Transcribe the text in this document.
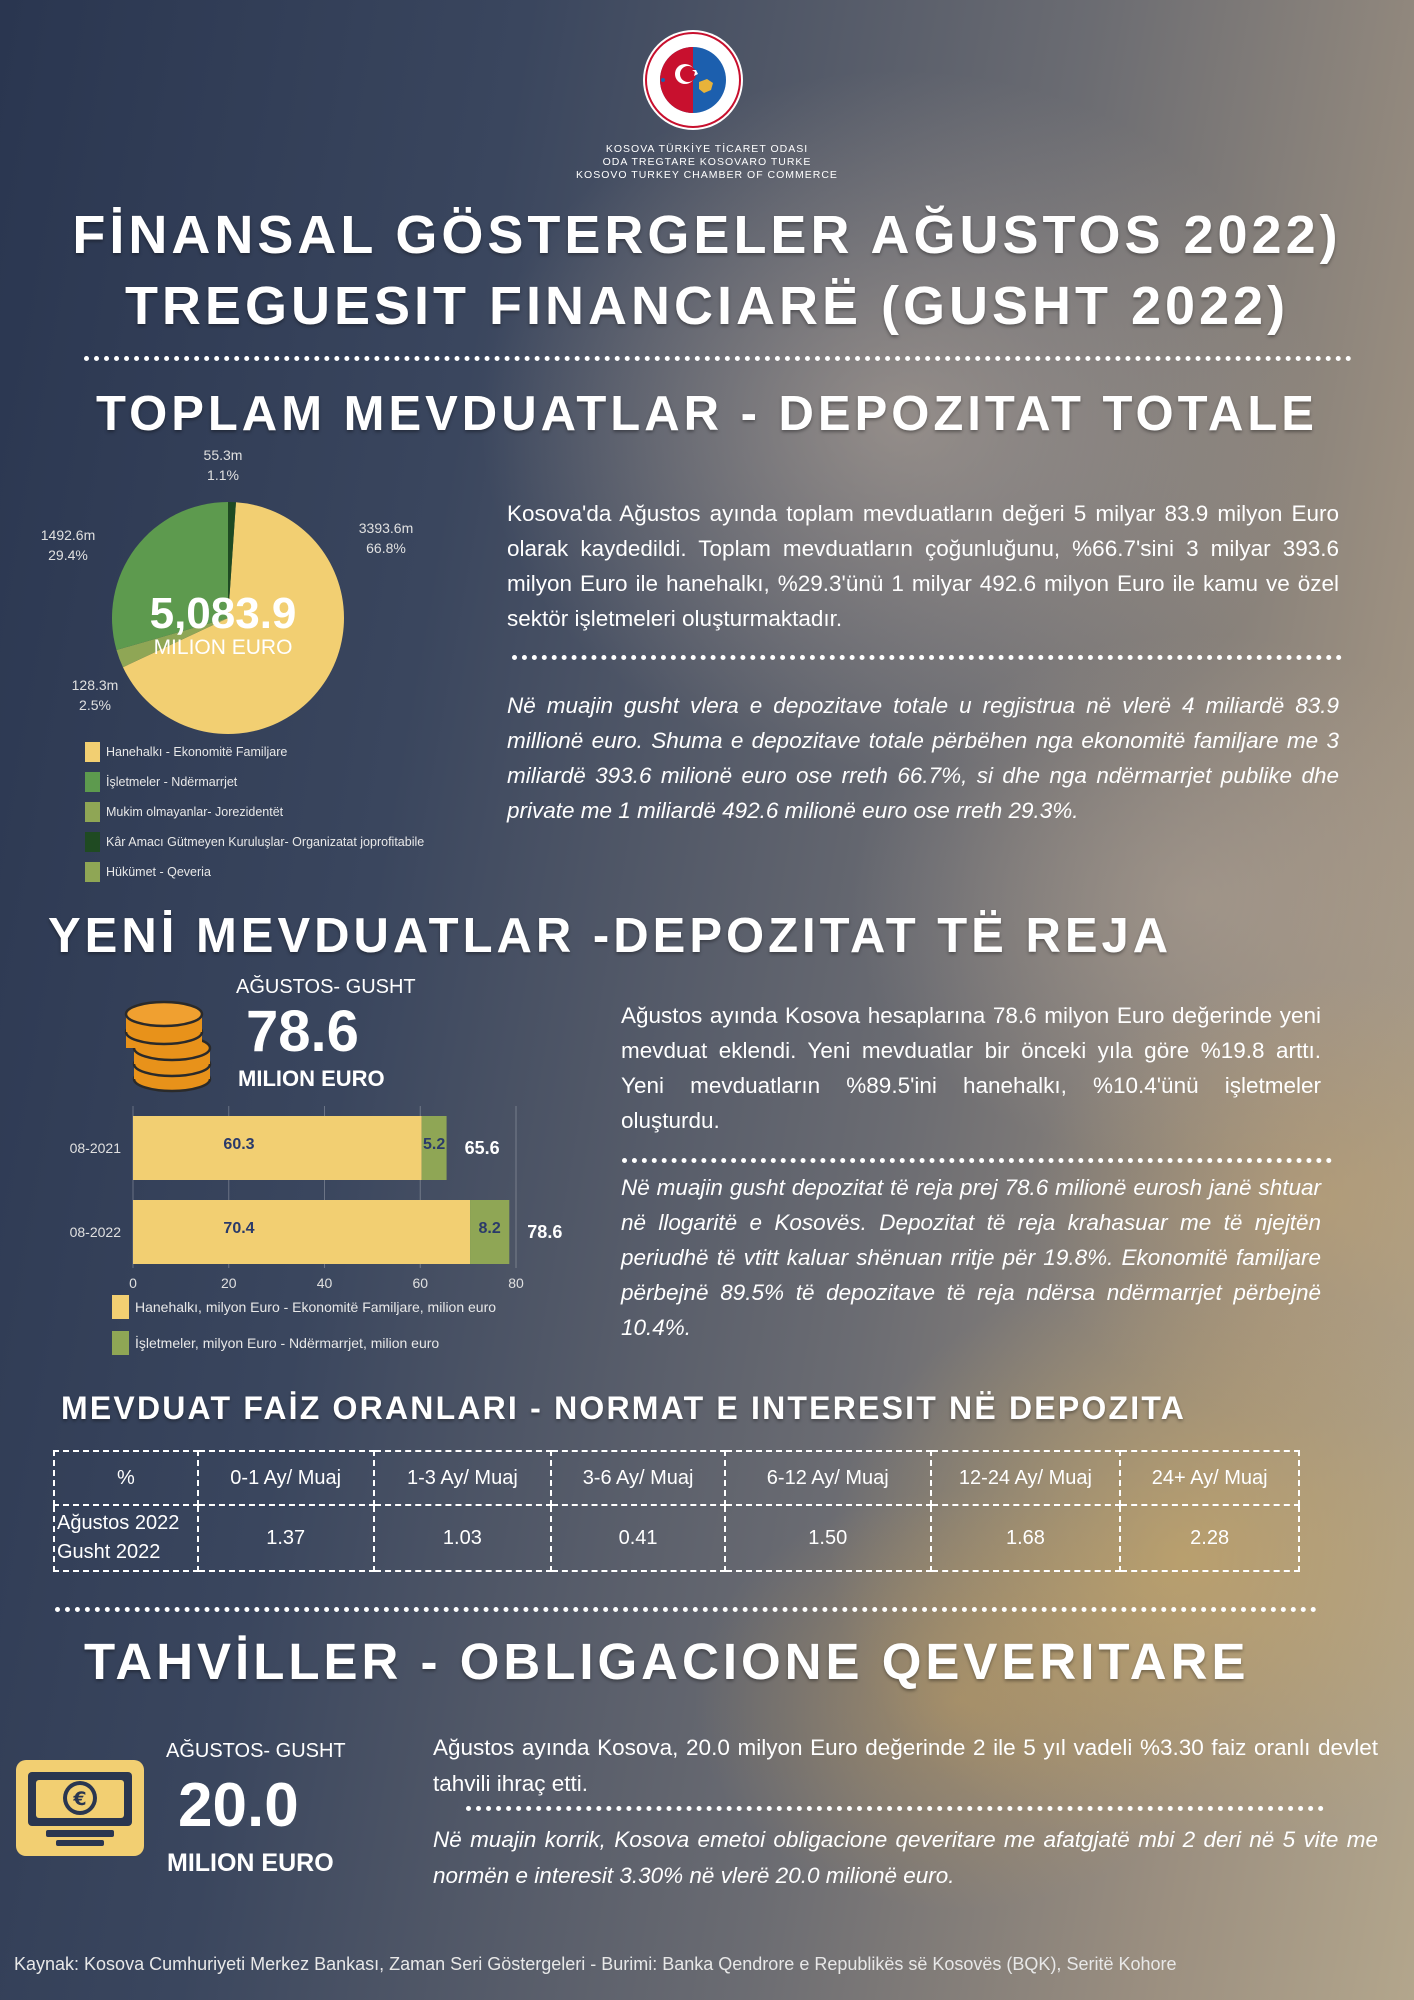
KOSOVA TÜRKİYE TİCARET ODASI
ODA TREGTARE KOSOVARO TURKE
KOSOVO TURKEY CHAMBER OF COMMERCE
FİNANSAL GÖSTERGELER AĞUSTOS 2022)
TREGUESIT FINANCIARË (GUSHT 2022)
TOPLAM MEVDUATLAR - DEPOZITAT TOTALE
3393.6m
66.8%
128.3m
2.5%
1492.6m
29.4%
55.3m
1.1%
5,083.9
MILION EURO
Hanehalkı - Ekonomitë Familjare
İşletmeler - Ndërmarrjet
Mukim olmayanlar- Jorezidentët
Kâr Amacı Gütmeyen Kuruluşlar- Organizatat joprofitabile
Hükümet - Qeveria
Kosova'da Ağustos ayında toplam mevduatların değeri 5 milyar 83.9 milyon Euro olarak kaydedildi. Toplam mevduatların çoğunluğunu, %66.7'sini 3 milyar 393.6 milyon Euro ile hanehalkı, %29.3'ünü 1 milyar 492.6 milyon Euro ile kamu ve özel sektör işletmeleri oluşturmaktadır.
Në muajin gusht vlera e depozitave totale u regjistrua në vlerë 4 miliardë 83.9 millionë euro. Shuma e depozitave totale përbëhen nga ekonomitë familjare me 3 miliardë 393.6 milionë euro ose rreth 66.7%, si dhe nga ndërmarrjet publike dhe private me 1 miliardë 492.6 milionë euro ose rreth 29.3%.
YENİ MEVDUATLAR -DEPOZITAT TË REJA
AĞUSTOS- GUSHT
78.6
MILION EURO
0	20	40	60	80
08-2021	60.3	5.2 65.6
08-2022	70.4	8.2 78.6
Hanehalkı, milyon Euro - Ekonomitë Familjare, milion euro
İşletmeler, milyon Euro - Ndërmarrjet, milion euro
Ağustos ayında Kosova hesaplarına 78.6 milyon Euro değerinde yeni mevduat eklendi. Yeni mevduatlar bir önceki yıla göre %19.8 arttı. Yeni mevduatların %89.5'ini hanehalkı, %10.4'ünü işletmeler oluşturdu.
Në muajin gusht depozitat të reja prej 78.6 milionë eurosh janë shtuar në llogaritë e Kosovës. Depozitat të reja krahasuar me të njejtën periudhë të vtitt kaluar shënuan rritje për 19.8%. Ekonomitë familjare përbejnë 89.5% të depozitave të reja ndërsa ndërmarrjet përbejnë 10.4%.
MEVDUAT FAİZ ORANLARI - NORMAT E INTERESIT NË DEPOZITA
%	0-1 Ay/ Muaj	1-3 Ay/ Muaj	3-6 Ay/ Muaj	6-12 Ay/ Muaj	12-24 Ay/ Muaj	24+ Ay/ Muaj

Ağustos 2022
Gusht 2022	1.37	1.03	0.41	1.50	1.68	2.28
TAHVİLLER - OBLIGACIONE QEVERITARE
€
AĞUSTOS- GUSHT
20.0
MILION EURO
Ağustos ayında Kosova, 20.0 milyon Euro değerinde 2 ile 5 yıl vadeli %3.30 faiz oranlı devlet tahvili ihraç etti.
Në muajin korrik, Kosova emetoi obligacione qeveritare me afatgjatë mbi 2 deri në 5 vite me normën e interesit 3.30% në vlerë 20.0 milionë euro.
Kaynak: Kosova Cumhuriyeti Merkez Bankası, Zaman Seri Göstergeleri - Burimi: Banka Qendrore e Republikës së Kosovës (BQK), Seritë Kohore
